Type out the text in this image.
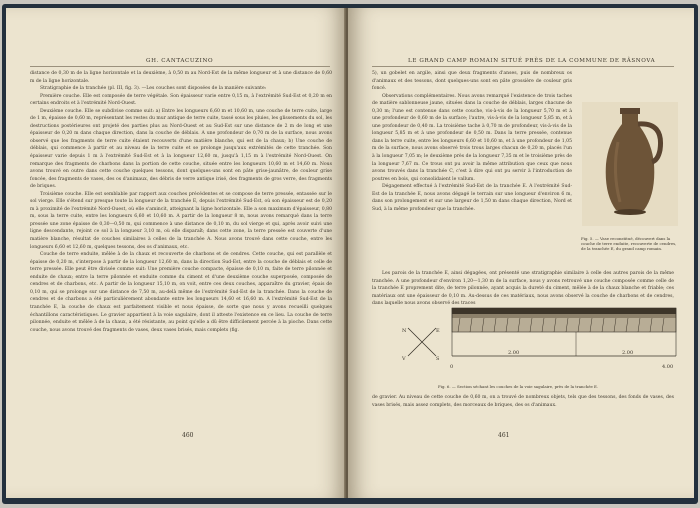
GH. CANTACUZINO

distance de 0,30 m de la ligne horizontale et la deuxième, à 0,50 m au Nord-Est de la même longueur et à une distance de 0,60 m de la ligne horizontale.

Stratigraphie de la tranchée (pl. III, fig. 3). —Les couches sont disposées de la manière suivante:

Première couche. Elle est composée de terre végétale. Son épaisseur varie entre 0,15 m, à l'extrémité Sud-Est et 0,20 m en certains endroits et à l'extrémité Nord-Ouest.

Deuxième couche. Elle se subdivise comme suit: a) Entre les longueurs 6,60 m et 10,60 m, une couche de terre cuite, large de 1 m, épaisse de 0,60 m, représentant les restes du mur antique de terre cuite, tassé sous les pluies, les glissements du sol, les destructions postérieures ont projeté des parties plus au Nord-Ouest et au Sud-Est sur une distance de 2 m de long et une épaisseur de 0,20 m dans chaque direction, dans la couche de déblais. A une profondeur de 0,70 m de la surface, nous avons observé que les fragments de terre cuite étaient recouverts d'une matière blanche, qui est de la chaux; b) Une couche de déblais, qui commence à partir et au niveau de la terre cuite et se prolonge jusqu'aux extrémités de cette tranchée. Son épaisseur varie depuis 1 m à l'extrémité Sud-Est et à la longueur 12,60 m, jusqu'à 1,15 m à l'extrémité Nord-Ouest. On remarque des fragments de charbons dans la portion de cette couche, située entre les longueurs 10,60 m et 14,60 m. Nous avons trouvé en outre dans cette couche quelques tessons, dont quelques-uns sont en pâte grise-jaunâtre, de couleur grise foncée, des fragments de vases, des os d'animaux, des débris de verre antique irisé, des fragments de gros verre, des fragments de briques.

Troisième couche. Elle est semblable par rapport aux couches précédentes et se compose de terre pressée, entassée sur le sol vierge. Elle s'étend sur presque toute la longueur de la tranchée E, depuis l'extrémité Sud-Est, où son épaisseur est de 0,20 m à proximité de l'extrémité Nord-Ouest, où elle s'amincit, atteignant la ligne horizontale. Elle a son maximum d'épaisseur, 0,80 m, sous la terre cuite, entre les longueurs 6,60 et 10,60 m. A partir de la longueur 8 m, nous avons remarqué dans la terre pressée une zone épaisse de 0,30—0,50 m, qui commence à une distance de 0,10 m, du sol vierge et qui, après avoir suivi une ligne descendante, rejoint ce sol à la longueur 3,10 m, où elle disparaît; dans cette zone, la terre pressée est couverte d'une matière blanche, résultat de couches similaires à celles de la tranchée A. Nous avons trouvé dans cette couche, entre les longueurs 6,60 et 12,60 m, quelques tessons, des os d'animaux, etc.

Couche de terre enduite, mêlée à de la chaux et recouverte de charbons et de cendres. Cette couche, qui est parallèle et épaisse de 0,20 m, s'interpose à partir de la longueur 12,60 m, dans la direction Sud-Est, entre la couche de déblais et celle de terre pressée. Elle peut être divisée comme suit: Une première couche compacte, épaisse de 0,10 m, faite de terre pilonnée et enduite de chaux; entre la terre pilonnée et enduite comme du ciment et d'une deuxième couche superposée, composée de cendres et de charbons, etc. A partir de la longueur 15,10 m, on voit, entre ces deux couches, apparaître du gravier, épais de 0,10 m, qui se prolonge sur une distance de 7,50 m, au-delà même de l'extrémité Sud-Est de la tranchée. Dans la couche de cendres et de charbons a été particulièrement abondante entre les longueurs 14,60 et 16,60 m. A l'extrémité Sud-Est de la tranchée E, la couche de chaux est parfaitement visible et nous épaisse, de sorte que nous y avons recueilli quelques échantillons caractéristiques. Le gravier appartient à la voie sagulaire, dont il atteste l'existence en ce lieu. La couche de terre pilonnée, enduite et mêlée à de la chaux, a été résistante, au point qu'elle a dû être difficilement percée à la pioche. Dans cette couche, nous avons trouvé des fragments de vases, deux vases brisés, mais complets (fig.

460
LE GRAND CAMP ROMAIN SITUÉ PRÈS DE LA COMMUNE DE RÂSNOVA

5), un gobelet en argile, ainsi que deux fragments d'anses, puis de nombreux os d'animaux et des tessons, dont quelques-uns sont en pâte grossière de couleur gris foncé.

Observations complémentaires. Nous avons remarqué l'existence de trois taches de matière sablonneuse jaune, situées dans la couche de déblais, larges chacune de 0,30 m; l'une est contenue dans cette couche, vis-à-vis de la longueur 5,70 m et à une profondeur de 0,60 m de la surface; l'autre, vis-à-vis de la longueur 5,85 m, et à une profondeur de 0,40 m. La troisième tache à 0,70 m de profondeur, vis-à-vis de la longueur 5,85 m et à une profondeur de 0,50 m. Dans la terre pressée, contenue dans la terre cuite, entre les longueurs 6,60 et 10,60 m, et à une profondeur de 1,05 m de la surface, nous avons observé trois trous larges chacun de 0,20 m, placés l'un à la longueur 7,05 m; le deuxième près de la longueur 7,35 m et le troisième près de la longueur 7,67 m. Ce trous ont pu avoir la même attribution que ceux que nous avons trouvés dans la tranchée C, c'est à dire qui ont pu servir à l'introduction de poutres en bois, qui consolidaient le vallum.

Dégagement effectué à l'extrémité Sud-Est de la tranchée E. A l'extrémité Sud-Est de la tranchée E, nous avons dégagé le terrain sur une longueur d'environ 6 m, dans son prolongement et sur une largeur de 1,50 m dans chaque direction, Nord et Sud, à la même profondeur que la tranchée.

Les parois de la tranchée E, ainsi dégagées, ont présenté une stratigraphie similaire à celle des autres parois de la même tranchée. A une profondeur d'environ 1,20—1,30 m de la surface, nous y avons retrouvé une couche composée comme celle de la tranchée E proprement dite, de terre pilonnée, ayant acquis la dureté du ciment, mêlée à de la chaux blanche et friable; ces matériaux ont une épaisseur de 0,10 m. Au-dessus de ces matériaux, nous avons observé la couche de charbons et de cendres, dans laquelle nous avons observé des traces

Fig. 5. — Vase reconstitué, découvert dans la couche de terre enduite, recouverte de cendres, de la tranchée E, du grand camp romain.
Fig. 6. — Section séchant les couches de la voie sagulaire, près de la tranchée E.

de gravier. Au niveau de cette couche de 0,60 m, on a trouvé de nombreux objets, tels que des tessons, des fonds de vases, des vases brisés, mais assez complets, des morceaux de briques, des os d'animaux.

461
N	E
V	S
0
2.00	2.00
4.00
